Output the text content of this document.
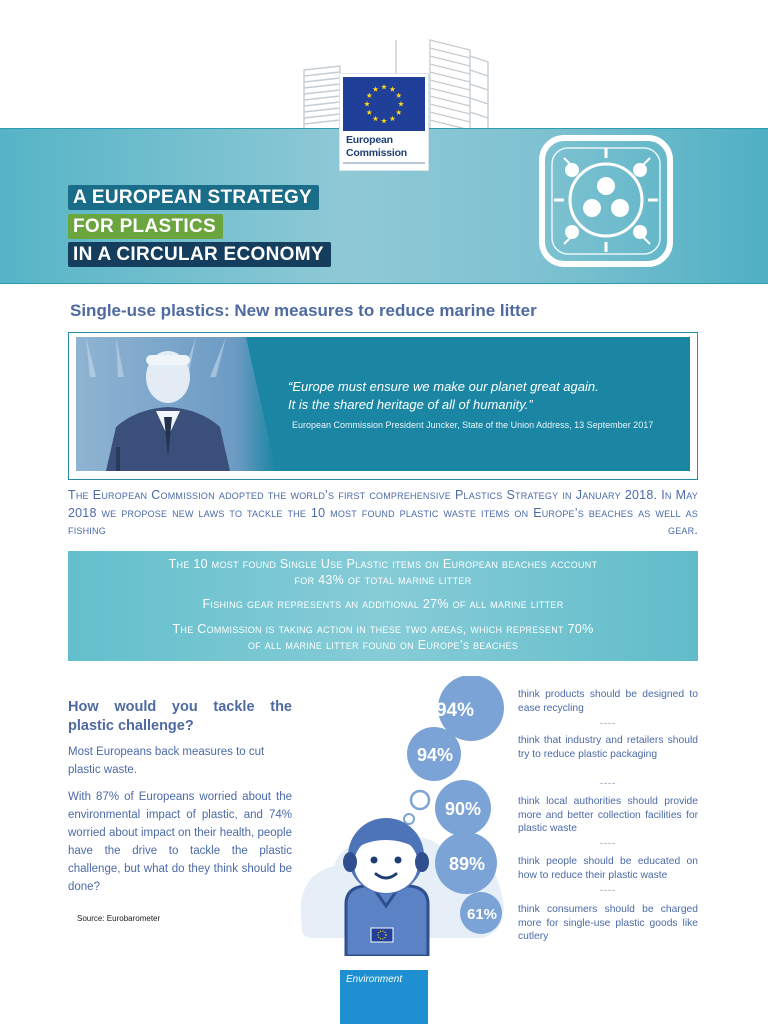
European
Commission
A EUROPEAN STRATEGY
FOR PLASTICS
IN A CIRCULAR ECONOMY
Single-use plastics: New measures to reduce marine litter
“Europe must ensure we make our planet great again.
It is the shared heritage of all of humanity.”
European Commission President Juncker, State of the Union Address, 13 September 2017
The European Commission adopted the world’s first comprehensive Plastics Strategy in January 2018. In May 2018 we propose new laws to tackle the 10 most found plastic waste items on Europe’s beaches as well as fishing gear.
The 10 most found Single Use Plastic items on European beaches account
for 43% of total marine litter
Fishing gear represents an additional 27% of all marine litter
The Commission is taking action in these two areas, which represent 70%
of all marine litter found on Europe’s beaches
How would you tackle the
plastic challenge?
Most Europeans back measures to cut plastic waste.
With 87% of Europeans worried about the environmental impact of plastic, and 74% worried about impact on their health, people have the drive to tackle the plastic challenge, but what do they think should be done?
Source: Eurobarometer
94%
94%
90%
89%
61%
think products should be designed to ease recycling
----
think that industry and retailers should try to reduce plastic packaging
----
think local authorities should provide more and better collection facilities for plastic waste
----
think people should be educated on how to reduce their plastic waste
----
think consumers should be charged more for single-use plastic goods like cutlery
Environment
